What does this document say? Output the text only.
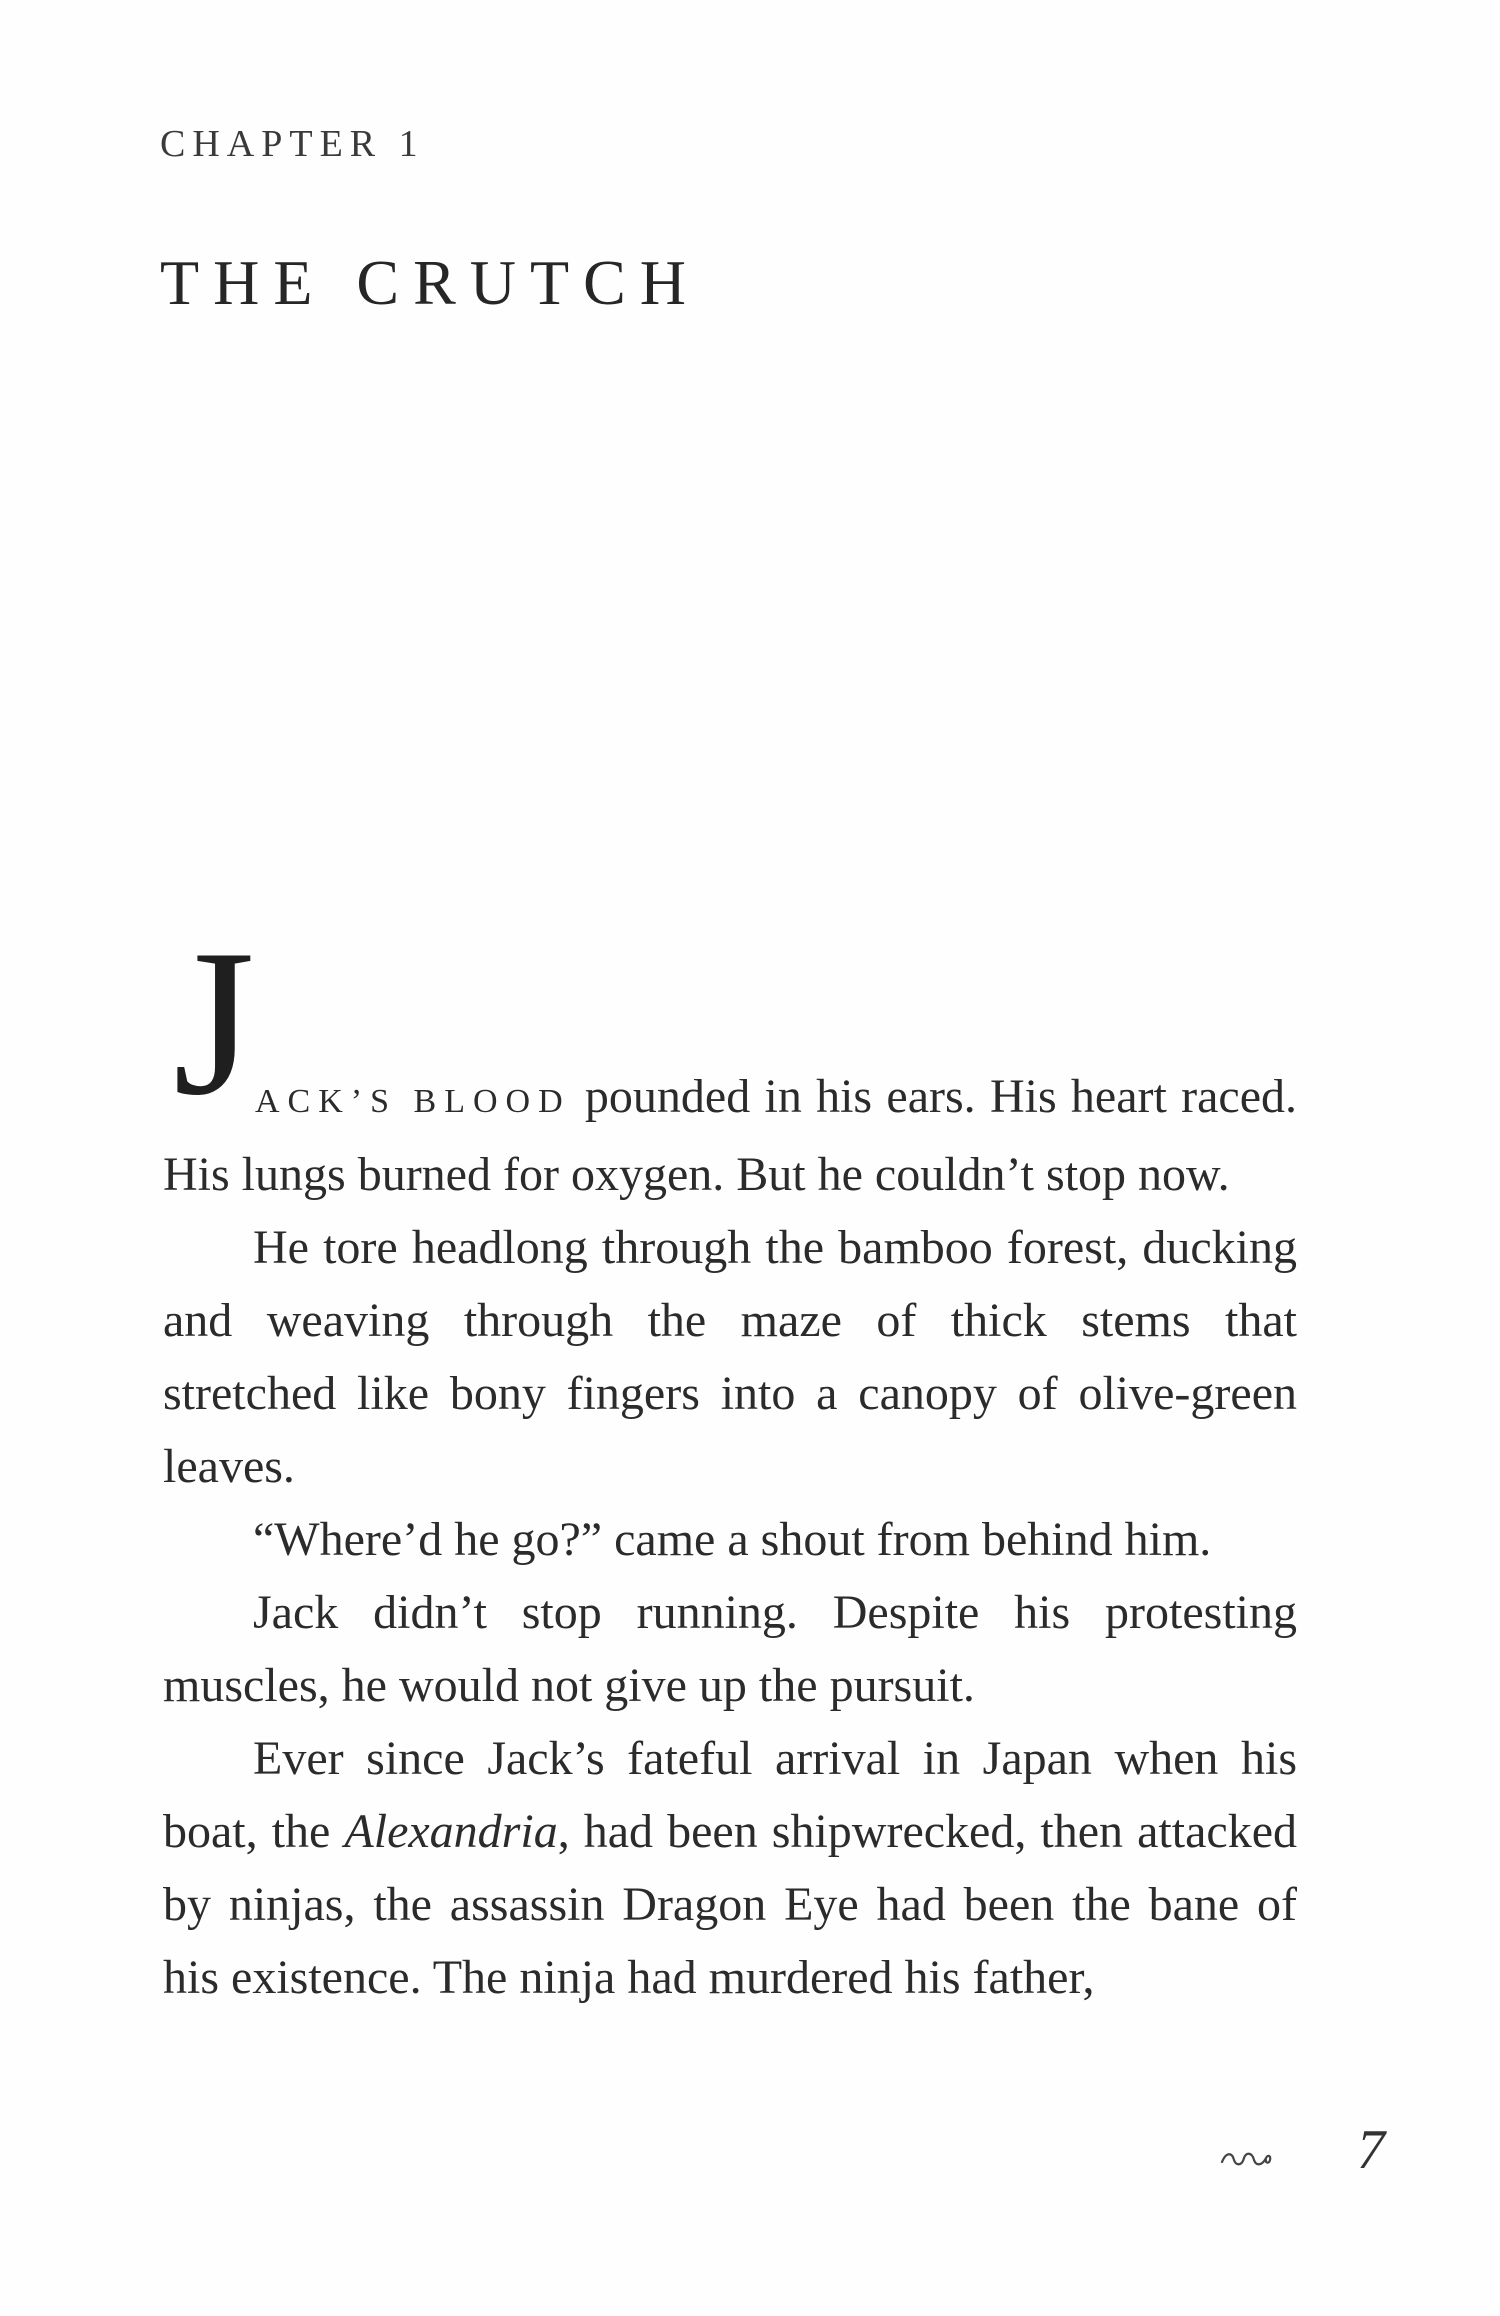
CHAPTER 1
THE CRUTCH

J ACK’S BLOOD pounded in his ears. His heart raced. His lungs burned for oxygen. But he couldn’t stop now.

He tore headlong through the bamboo forest, ducking and weaving through the maze of thick stems that stretched like bony fingers into a canopy of olive-green leaves.

“Where’d he go?” came a shout from behind him.

Jack didn’t stop running. Despite his protesting muscles, he would not give up the pursuit.

Ever since Jack’s fateful arrival in Japan when his boat, the Alexandria, had been shipwrecked, then attacked by ninjas, the assassin Dragon Eye had been the bane of his existence. The ninja had murdered his father,

7
